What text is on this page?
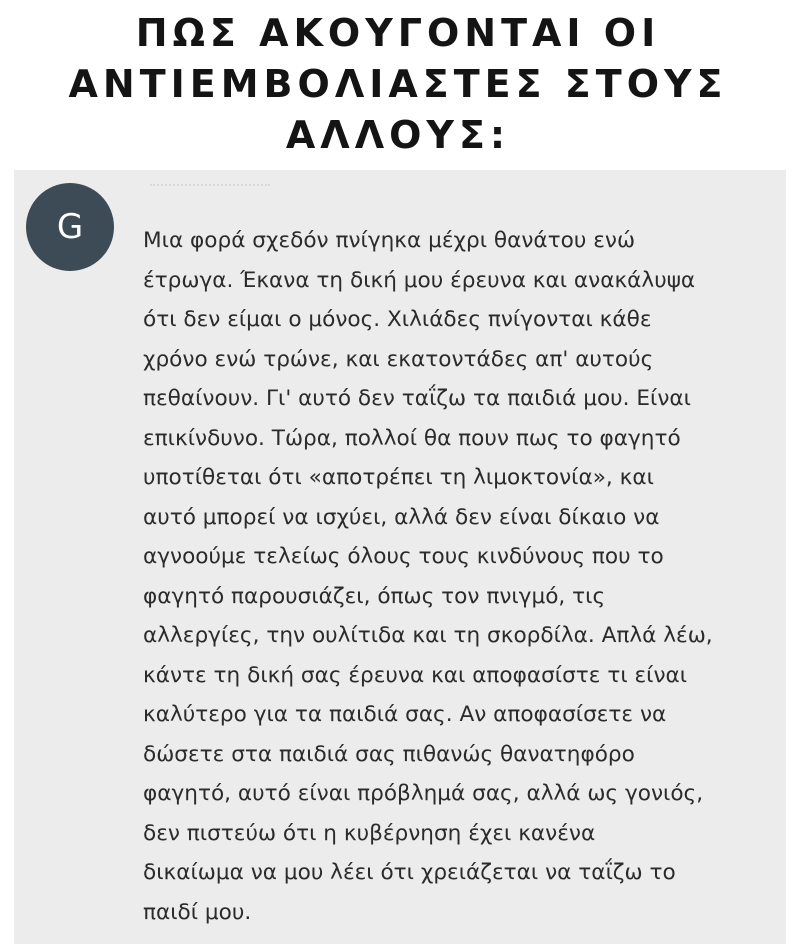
ΠΩΣ ΑΚΟΥΓΟΝΤΑΙ ΟΙ
ΑΝΤΙΕΜΒΟΛΙΑΣΤΕΣ ΣΤΟΥΣ
ΑΛΛΟΥΣ:
G	Μια φορά σχεδόν πνίγηκα μέχρι θανάτου ενώ
έτρωγα. Έκανα τη δική μου έρευνα και ανακάλυψα
ότι δεν είμαι ο μόνος. Χιλιάδες πνίγονται κάθε
χρόνο ενώ τρώνε, και εκατοντάδες απ' αυτούς
πεθαίνουν. Γι' αυτό δεν ταΐζω τα παιδιά μου. Είναι
επικίνδυνο. Τώρα, πολλοί θα πουν πως το φαγητό
υποτίθεται ότι «αποτρέπει τη λιμοκτονία», και
αυτό μπορεί να ισχύει, αλλά δεν είναι δίκαιο να
αγνοούμε τελείως όλους τους κινδύνους που το
φαγητό παρουσιάζει, όπως τον πνιγμό, τις
αλλεργίες, την ουλίτιδα και τη σκορδίλα. Απλά λέω,
κάντε τη δική σας έρευνα και αποφασίστε τι είναι
καλύτερο για τα παιδιά σας. Αν αποφασίσετε να
δώσετε στα παιδιά σας πιθανώς θανατηφόρο
φαγητό, αυτό είναι πρόβλημά σας, αλλά ως γονιός,
δεν πιστεύω ότι η κυβέρνηση έχει κανένα
δικαίωμα να μου λέει ότι χρειάζεται να ταΐζω το
παιδί μου.
